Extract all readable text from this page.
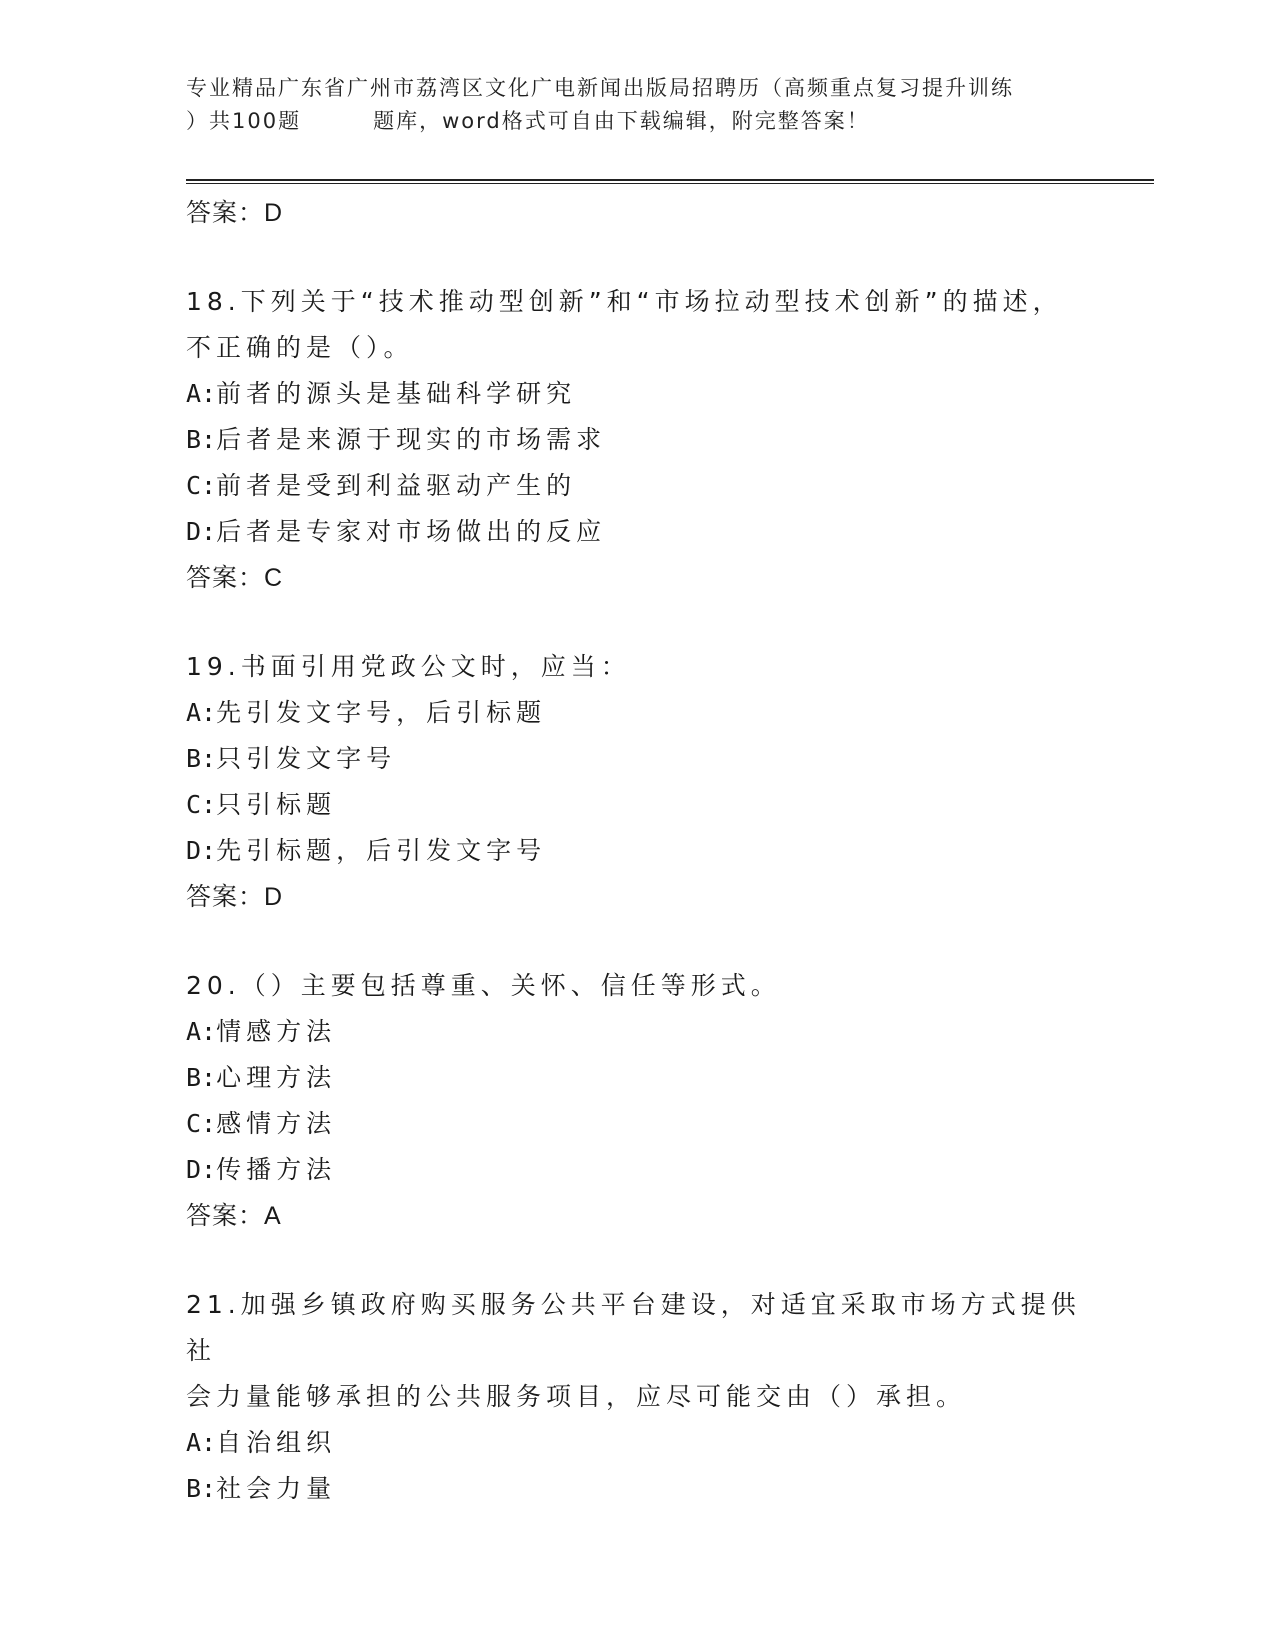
专业精品广东省广州市荔湾区文化广电新闻出版局招聘历（高频重点复习提升训练
）共100题	题库，word格式可自由下载编辑，附完整答案！
答案：D
18.下列关于“技术推动型创新”和“市场拉动型技术创新”的描述，
不正确的是（）。
A:前者的源头是基础科学研究
B:后者是来源于现实的市场需求
C:前者是受到利益驱动产生的
D:后者是专家对市场做出的反应
答案：C
19.书面引用党政公文时，应当：
A:先引发文字号，后引标题
B:只引发文字号
C:只引标题
D:先引标题，后引发文字号
答案：D
20.（）主要包括尊重、关怀、信任等形式。
A:情感方法
B:心理方法
C:感情方法
D:传播方法
答案：A
21.加强乡镇政府购买服务公共平台建设，对适宜采取市场方式提供社
会力量能够承担的公共服务项目，应尽可能交由（）承担。
A:自治组织
B:社会力量
